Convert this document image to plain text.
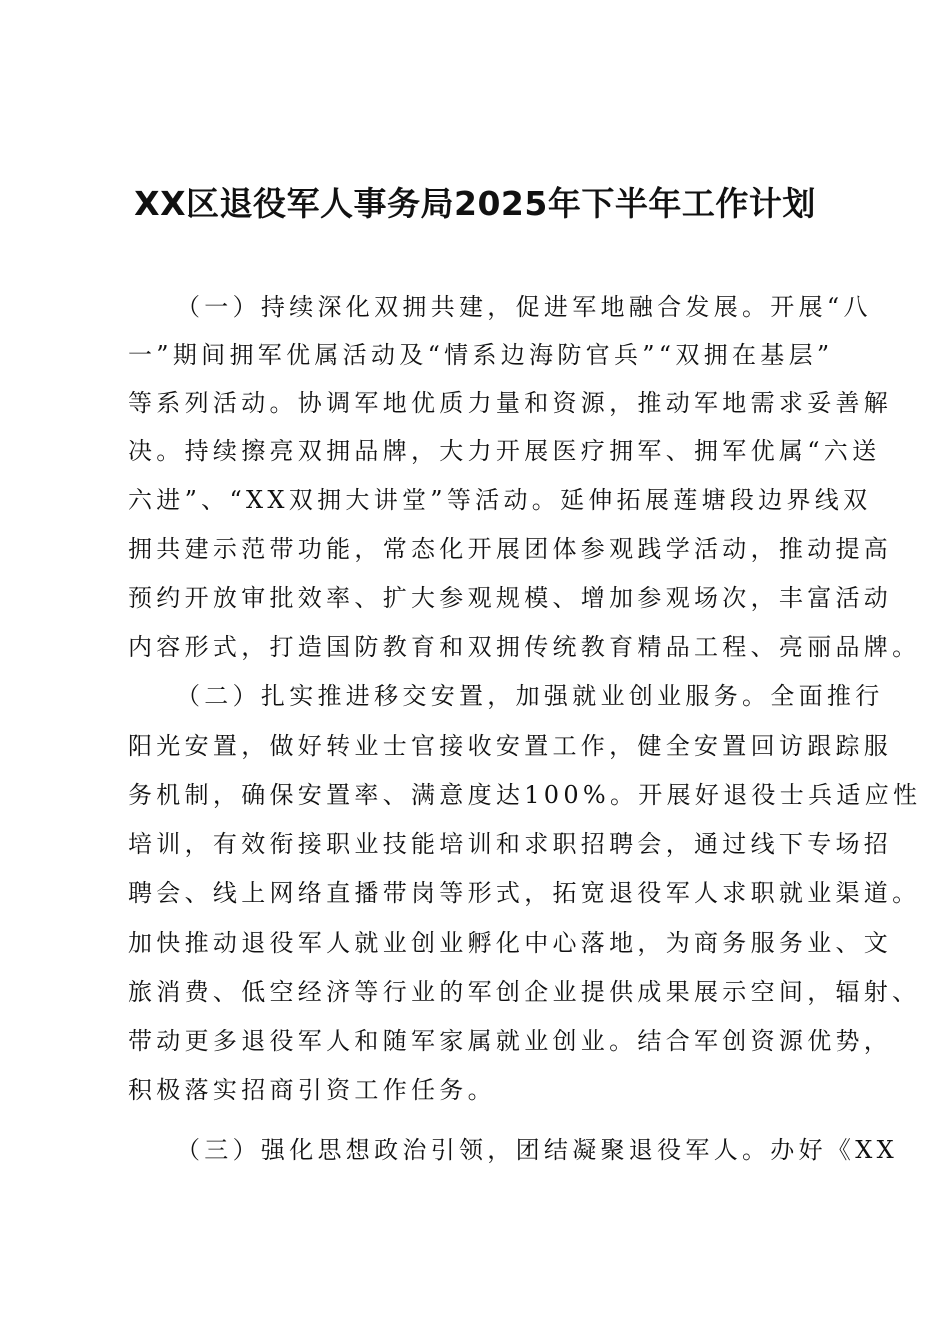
XX区退役军人事务局2025年下半年工作计划

（一）持续深化双拥共建，促进军地融合发展。开展“八

一”期间拥军优属活动及“情系边海防官兵”“双拥在基层”

等系列活动。协调军地优质力量和资源，推动军地需求妥善解

决。持续擦亮双拥品牌，大力开展医疗拥军、拥军优属“六送

六进”、“XX双拥大讲堂”等活动。延伸拓展莲塘段边界线双

拥共建示范带功能，常态化开展团体参观践学活动，推动提高

预约开放审批效率、扩大参观规模、增加参观场次，丰富活动

内容形式，打造国防教育和双拥传统教育精品工程、亮丽品牌。

（二）扎实推进移交安置，加强就业创业服务。全面推行

阳光安置，做好转业士官接收安置工作，健全安置回访跟踪服

务机制，确保安置率、满意度达100%。开展好退役士兵适应性

培训，有效衔接职业技能培训和求职招聘会，通过线下专场招

聘会、线上网络直播带岗等形式，拓宽退役军人求职就业渠道。

加快推动退役军人就业创业孵化中心落地，为商务服务业、文

旅消费、低空经济等行业的军创企业提供成果展示空间，辐射、

带动更多退役军人和随军家属就业创业。结合军创资源优势，

积极落实招商引资工作任务。

（三）强化思想政治引领，团结凝聚退役军人。办好《XX
